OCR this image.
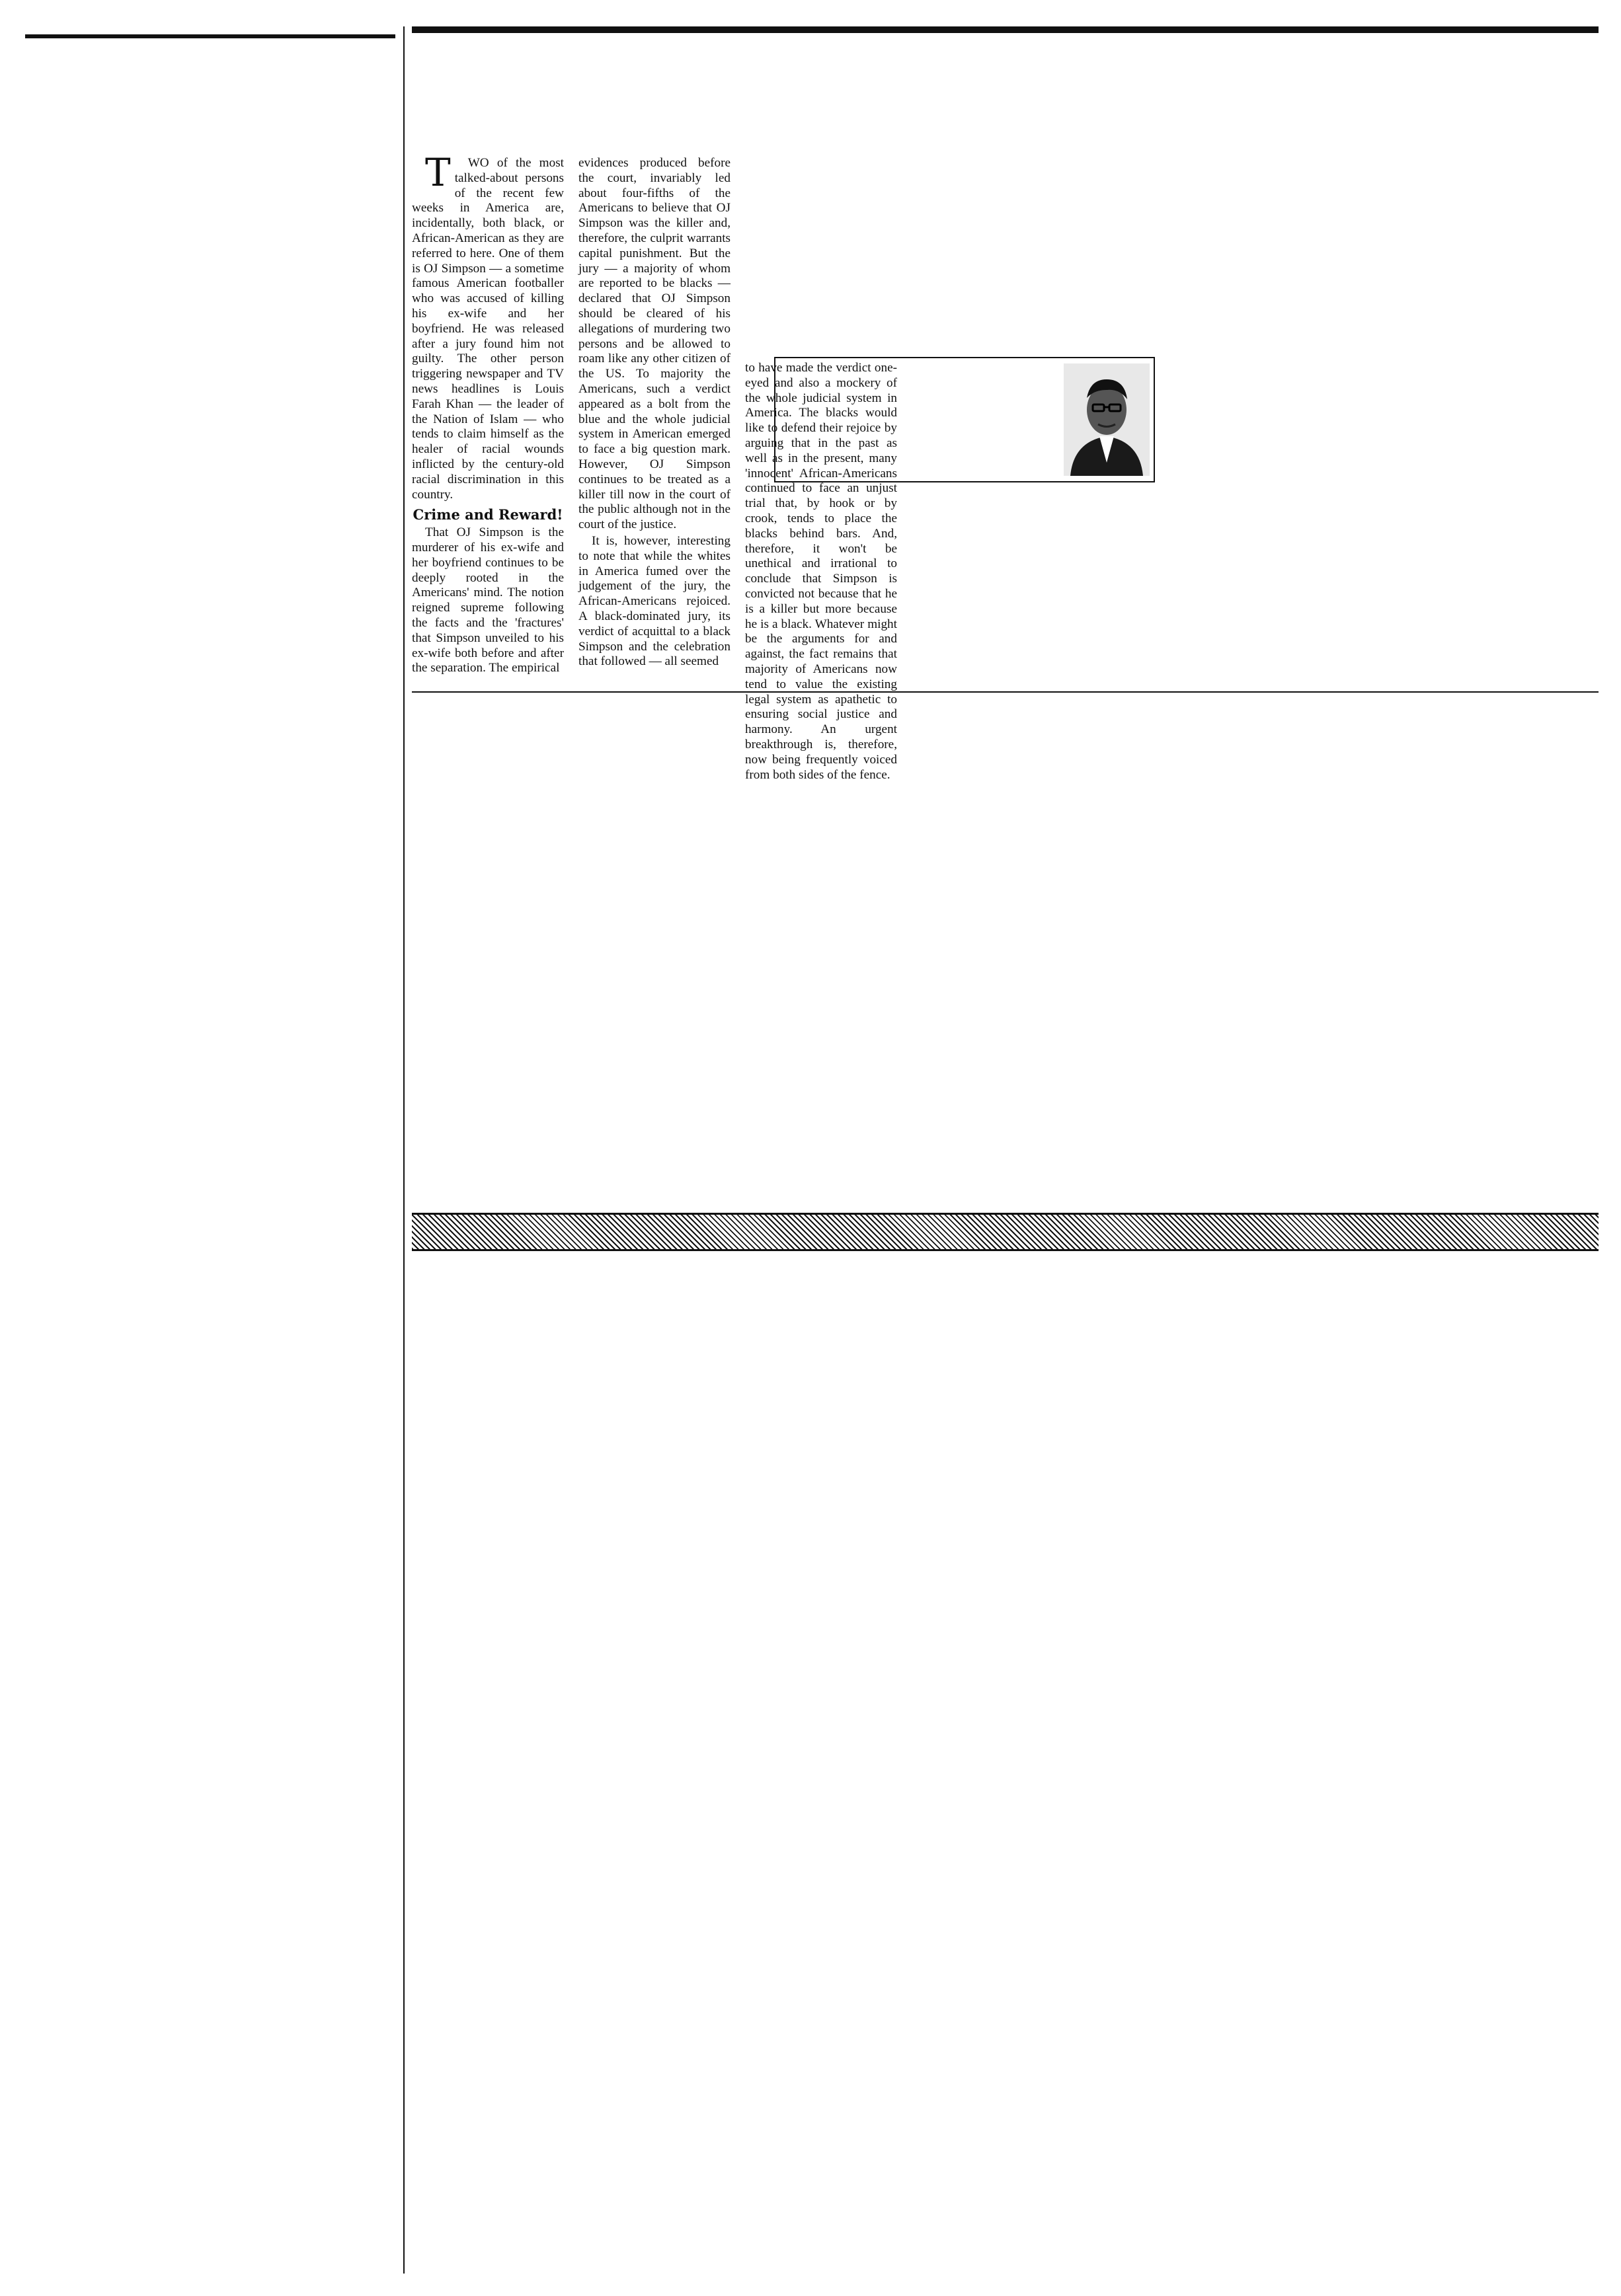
TWO of the most talked-about persons of the recent few weeks in America are, incidentally, both black, or African-American as they are referred to here. One of them is OJ Simpson — a sometime famous American footballer who was accused of killing his ex-wife and her boyfriend. He was released after a jury found him not guilty. The other person triggering newspaper and TV news headlines is Louis Farah Khan — the leader of the Nation of Islam — who tends to claim himself as the healer of racial wounds inflicted by the century-old racial discrimination in this country.

Crime and Reward!

That OJ Simpson is the murderer of his ex-wife and her boyfriend continues to be deeply rooted in the Americans' mind. The notion reigned supreme following the facts and the 'fractures' that Simpson unveiled to his ex-wife both before and after the separation. The empirical

evidences produced before the court, invariably led about four-fifths of the Americans to believe that OJ Simpson was the killer and, therefore, the culprit warrants capital punishment. But the jury — a majority of whom are reported to be blacks — declared that OJ Simpson should be cleared of his allegations of murdering two persons and be allowed to roam like any other citizen of the US. To majority the Americans, such a verdict appeared as a bolt from the blue and the whole judicial system in American emerged to face a big question mark. However, OJ Simpson continues to be treated as a killer till now in the court of the public although not in the court of the justice.

It is, however, interesting to note that while the whites in America fumed over the judgement of the jury, the African-Americans rejoiced. A black-dominated jury, its verdict of acquittal to a black Simpson and the celebration that followed — all seemed

to have made the verdict one-eyed and also a mockery of the whole judicial system in America. The blacks would like to defend their rejoice by arguing that in the past as well as in the present, many 'innocent' African-Americans continued to face an unjust trial that, by hook or by crook, tends to place the blacks behind bars. And, therefore, it won't be unethical and irrational to conclude that Simpson is convicted not because that he is a killer but more because he is a black. Whatever might be the arguments for and against, the fact remains that majority of Americans now tend to value the existing legal system as apathetic to ensuring social justice and harmony. An urgent breakthrough is, therefore, now being frequently voiced from both sides of the fence.
